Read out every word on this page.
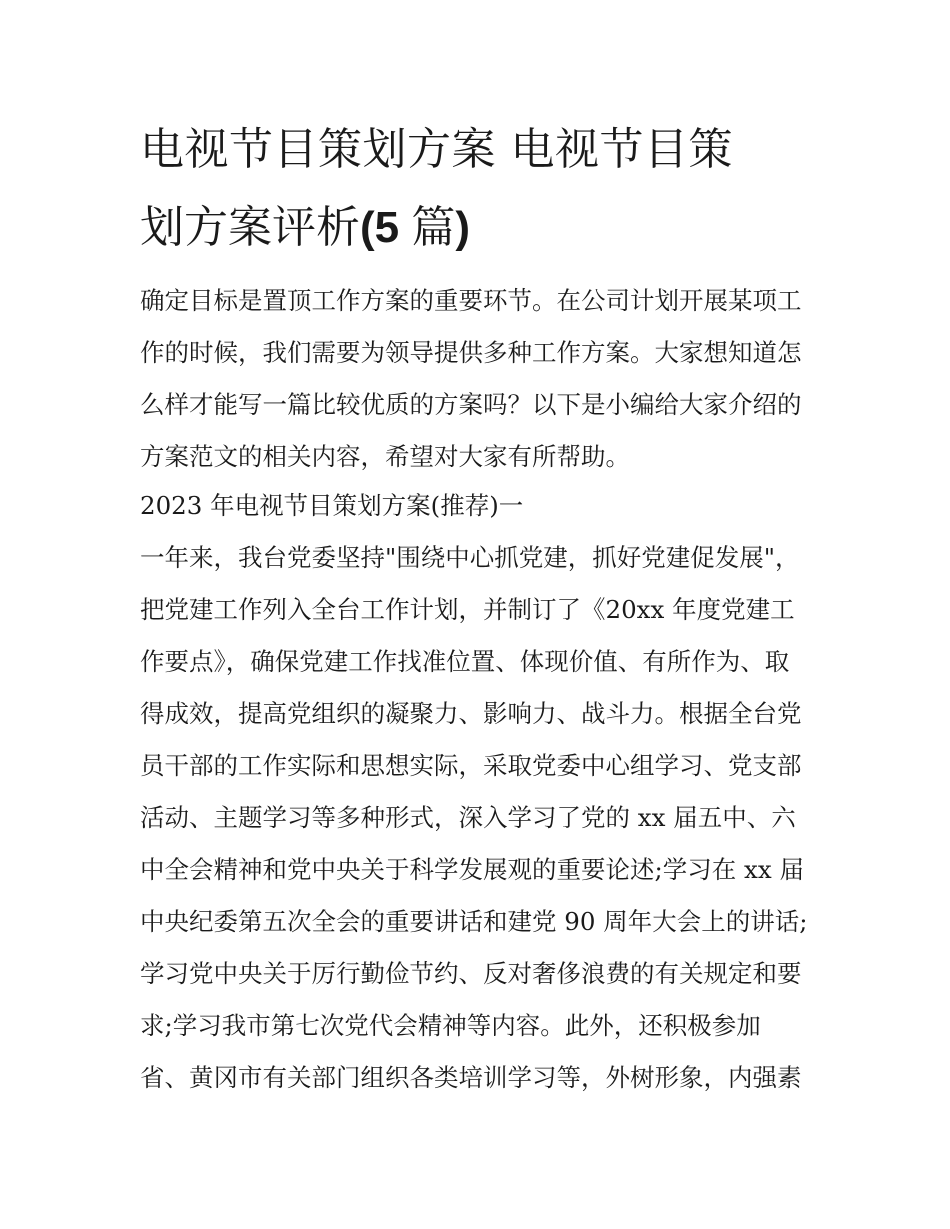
电视节目策划方案 电视节目策
划方案评析(5 篇)
确定目标是置顶工作方案的重要环节。在公司计划开展某项工
作的时候，我们需要为领导提供多种工作方案。大家想知道怎
么样才能写一篇比较优质的方案吗？以下是小编给大家介绍的
方案范文的相关内容，希望对大家有所帮助。
2023 年电视节目策划方案(推荐)一
一年来，我台党委坚持"围绕中心抓党建，抓好党建促发展"，
把党建工作列入全台工作计划，并制订了《20xx 年度党建工
作要点》，确保党建工作找准位置、体现价值、有所作为、取
得成效，提高党组织的凝聚力、影响力、战斗力。根据全台党
员干部的工作实际和思想实际，采取党委中心组学习、党支部
活动、主题学习等多种形式，深入学习了党的 xx 届五中、六
中全会精神和党中央关于科学发展观的重要论述;学习在 xx 届
中央纪委第五次全会的重要讲话和建党 90 周年大会上的讲话;
学习党中央关于厉行勤俭节约、反对奢侈浪费的有关规定和要
求;学习我市第七次党代会精神等内容。此外，还积极参加
省、黄冈市有关部门组织各类培训学习等，外树形象，内强素
